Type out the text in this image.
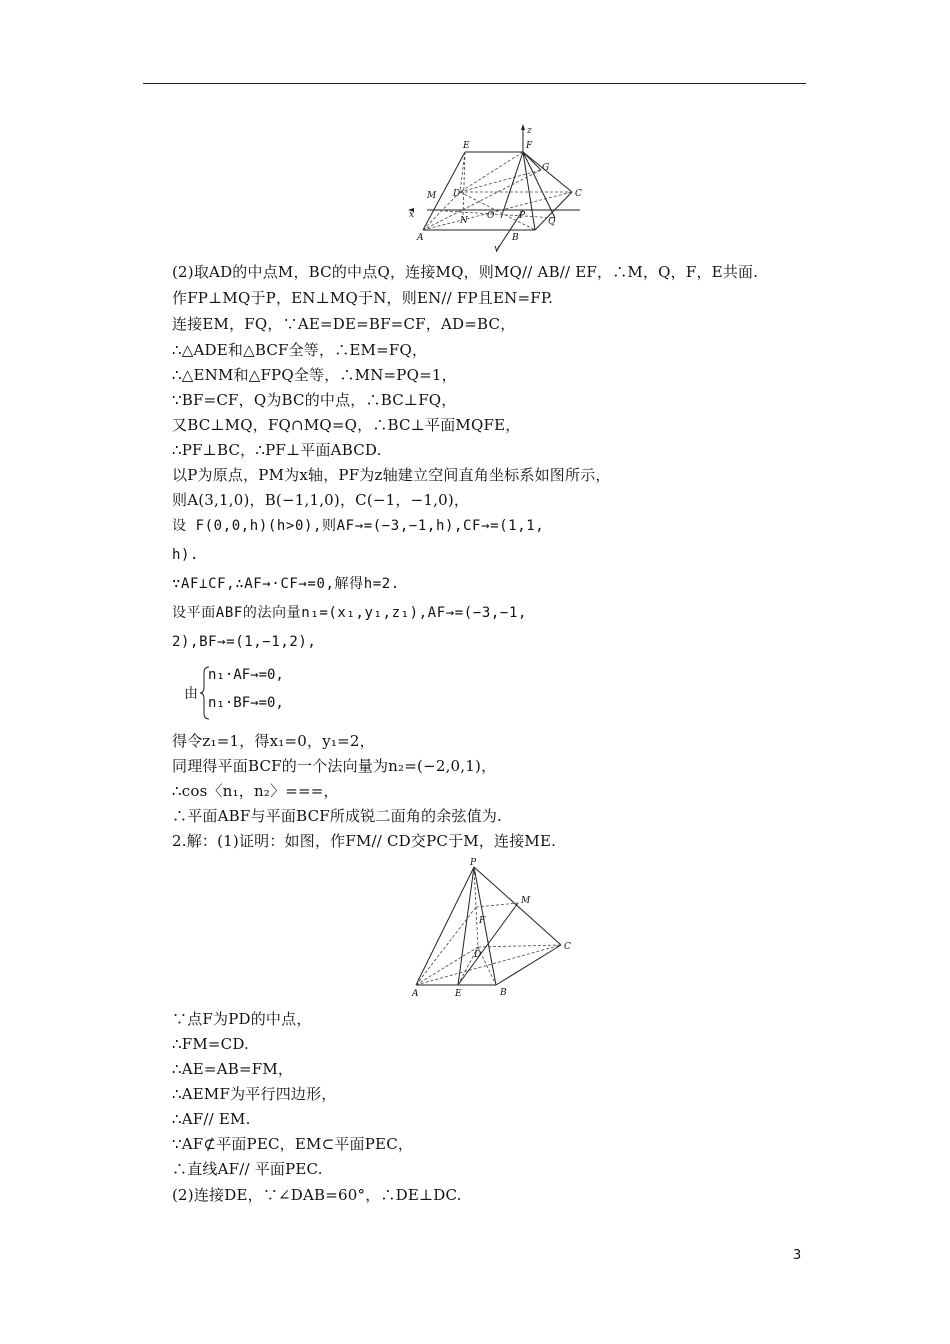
E	F
z
G
M D	C
x
N O	P
Q
A	B
y
(2)取AD的中点M，BC的中点Q，连接MQ，则MQ// AB// EF，∴M，Q，F，E共面.
作FP⊥MQ于P，EN⊥MQ于N，则EN// FP且EN=FP.
连接EM，FQ，∵AE=DE=BF=CF，AD=BC，
∴△ADE和△BCF全等，∴EM=FQ，
∴△ENM和△FPQ全等，∴MN=PQ=1，
∵BF=CF，Q为BC的中点，∴BC⊥FQ，
又BC⊥MQ，FQ∩MQ=Q，∴BC⊥平面MQFE，
∴PF⊥BC，∴PF⊥平面ABCD.
以P为原点，PM为x轴，PF为z轴建立空间直角坐标系如图所示，
则A(3,1,0)，B(−1,1,0)，C(−1，−1,0)，
设 F(0,0,h)(h>0),则AF→=(−3,−1,h),CF→=(1,1,
h).
∵AF⊥CF,∴AF→·CF→=0,解得h=2.
设平面ABF的法向量n₁=(x₁,y₁,z₁),AF→=(−3,−1,
2),BF→=(1,−1,2),
由
n₁·AF→=0,
n₁·BF→=0,
得令z₁=1，得x₁=0，y₁=2，
同理得平面BCF的一个法向量为n₂=(−2,0,1)，
∴cos〈n₁，n₂〉===，
∴平面ABF与平面BCF所成锐二面角的余弦值为.
2.解：(1)证明：如图，作FM// CD交PC于M，连接ME.
P
M
F
D
C
A	E	B
∵点F为PD的中点，
∴FM=CD.
∴AE=AB=FM，
∴AEMF为平行四边形，
∴AF// EM.
∵AF⊄平面PEC，EM⊂平面PEC，
∴直线AF// 平面PEC.
(2)连接DE，∵∠DAB=60°，∴DE⊥DC.
3
